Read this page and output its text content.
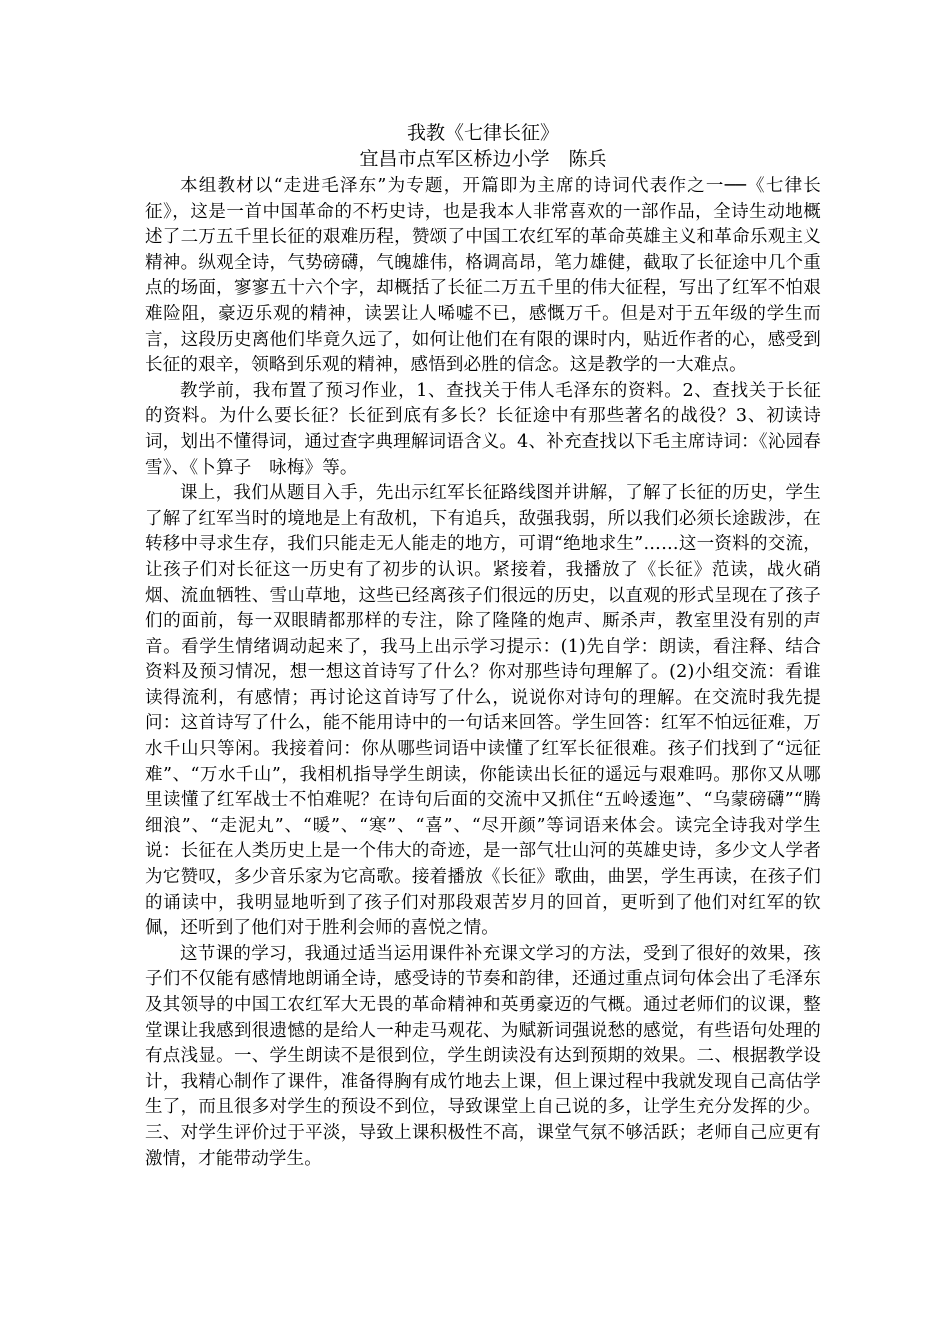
我教《七律长征》
宜昌市点军区桥边小学　陈兵

本组教材以“走进毛泽东”为专题，开篇即为主席的诗词代表作之一──《七律长征》，这是一首中国革命的不朽史诗，也是我本人非常喜欢的一部作品，全诗生动地概述了二万五千里长征的艰难历程，赞颂了中国工农红军的革命英雄主义和革命乐观主义精神。纵观全诗，气势磅礴，气魄雄伟，格调高昂，笔力雄健，截取了长征途中几个重点的场面，寥寥五十六个字，却概括了长征二万五千里的伟大征程，写出了红军不怕艰难险阻，豪迈乐观的精神，读罢让人唏嘘不已，感慨万千。但是对于五年级的学生而言，这段历史离他们毕竟久远了，如何让他们在有限的课时内，贴近作者的心，感受到长征的艰辛，领略到乐观的精神，感悟到必胜的信念。这是教学的一大难点。

教学前，我布置了预习作业，1、查找关于伟人毛泽东的资料。2、查找关于长征的资料。为什么要长征？长征到底有多长？长征途中有那些著名的战役？3、初读诗词，划出不懂得词，通过查字典理解词语含义。4、补充查找以下毛主席诗词：《沁园春　雪》、《卜算子　咏梅》等。

课上，我们从题目入手，先出示红军长征路线图并讲解，了解了长征的历史，学生了解了红军当时的境地是上有敌机，下有追兵，敌强我弱，所以我们必须长途跋涉，在转移中寻求生存，我们只能走无人能走的地方，可谓“绝地求生”……这一资料的交流，让孩子们对长征这一历史有了初步的认识。紧接着，我播放了《长征》范读，战火硝烟、流血牺牲、雪山草地，这些已经离孩子们很远的历史，以直观的形式呈现在了孩子们的面前，每一双眼睛都那样的专注，除了隆隆的炮声、厮杀声，教室里没有别的声音。看学生情绪调动起来了，我马上出示学习提示：(1)先自学：朗读，看注释、结合资料及预习情况，想一想这首诗写了什么？你对那些诗句理解了。(2)小组交流：看谁读得流利，有感情；再讨论这首诗写了什么，说说你对诗句的理解。在交流时我先提问：这首诗写了什么，能不能用诗中的一句话来回答。学生回答：红军不怕远征难，万水千山只等闲。我接着问：你从哪些词语中读懂了红军长征很难。孩子们找到了“远征难”、“万水千山”，我相机指导学生朗读，你能读出长征的遥远与艰难吗。那你又从哪里读懂了红军战士不怕难呢？在诗句后面的交流中又抓住“五岭逶迤”、“乌蒙磅礴”“腾细浪”、“走泥丸”、“暖”、“寒”、“喜”、“尽开颜”等词语来体会。读完全诗我对学生说：长征在人类历史上是一个伟大的奇迹，是一部气壮山河的英雄史诗，多少文人学者为它赞叹，多少音乐家为它高歌。接着播放《长征》歌曲，曲罢，学生再读，在孩子们的诵读中，我明显地听到了孩子们对那段艰苦岁月的回首，更听到了他们对红军的钦佩，还听到了他们对于胜利会师的喜悦之情。

这节课的学习，我通过适当运用课件补充课文学习的方法，受到了很好的效果，孩子们不仅能有感情地朗诵全诗，感受诗的节奏和韵律，还通过重点词句体会出了毛泽东及其领导的中国工农红军大无畏的革命精神和英勇豪迈的气概。通过老师们的议课，整堂课让我感到很遗憾的是给人一种走马观花、为赋新词强说愁的感觉，有些语句处理的有点浅显。一、学生朗读不是很到位，学生朗读没有达到预期的效果。二、根据教学设计，我精心制作了课件，准备得胸有成竹地去上课，但上课过程中我就发现自己高估学生了，而且很多对学生的预设不到位，导致课堂上自己说的多，让学生充分发挥的少。三、对学生评价过于平淡，导致上课积极性不高，课堂气氛不够活跃；老师自己应更有激情，才能带动学生。
